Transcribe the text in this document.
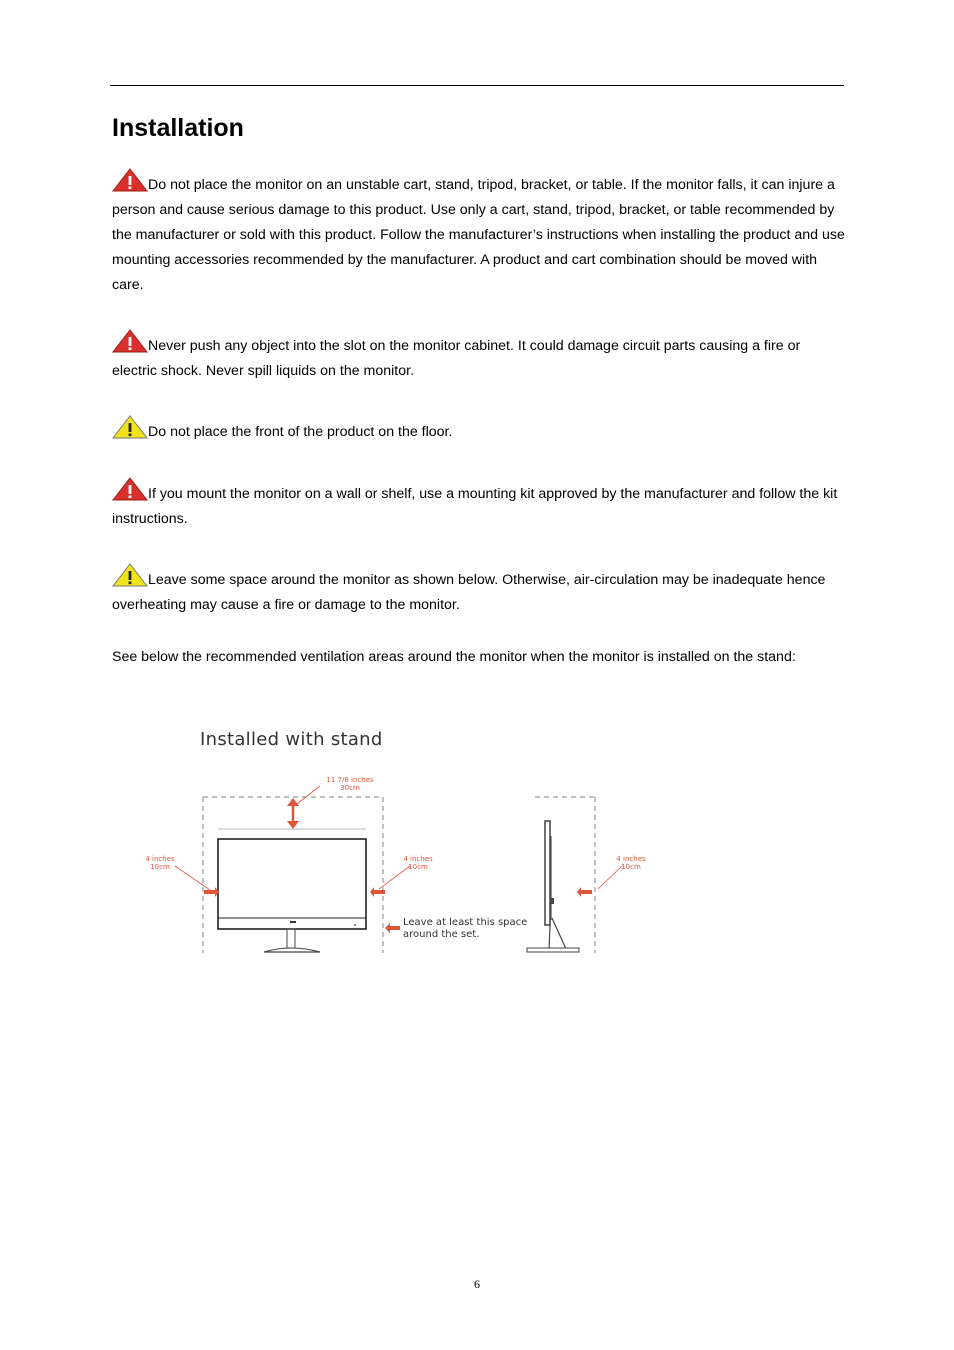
Installation

Do not place the monitor on an unstable cart, stand, tripod, bracket, or table. If the monitor falls, it can injure a person and cause serious damage to this product. Use only a cart, stand, tripod, bracket, or table recommended by the manufacturer or sold with this product. Follow the manufacturer’s instructions when installing the product and use mounting accessories recommended by the manufacturer. A product and cart combination should be moved with care.

Never push any object into the slot on the monitor cabinet. It could damage circuit parts causing a fire or electric shock. Never spill liquids on the monitor.

Do not place the front of the product on the floor.

If you mount the monitor on a wall or shelf, use a mounting kit approved by the manufacturer and follow the kit instructions.

Leave some space around the monitor as shown below. Otherwise, air-circulation may be inadequate hence overheating may cause a fire or damage to the monitor.

See below the recommended ventilation areas around the monitor when the monitor is installed on the stand:

Installed with stand
11 7/8 inches
30cm
4 inches
10cm
4 inches
10cm
4 inches
10cm
Leave at least this space
around the set.
6
